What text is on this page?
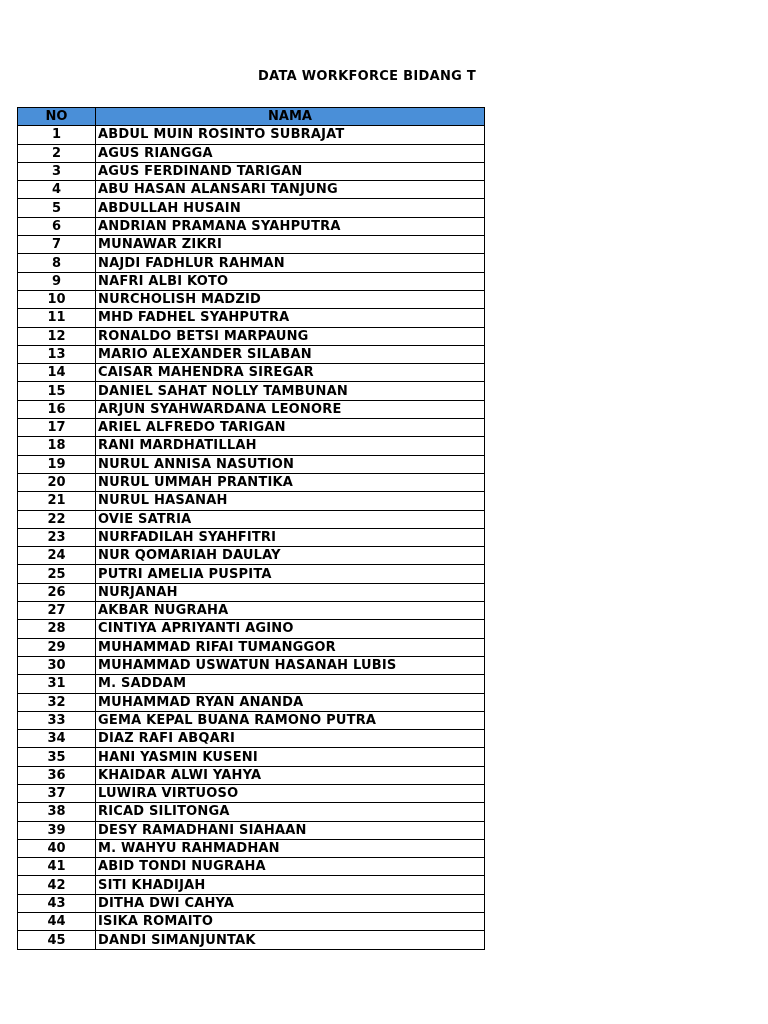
DATA WORKFORCE BIDANG T
NO	NAMA
1	ABDUL MUIN ROSINTO SUBRAJAT
2	AGUS RIANGGA
3	AGUS FERDINAND TARIGAN
4	ABU HASAN ALANSARI TANJUNG
5	ABDULLAH HUSAIN
6	ANDRIAN PRAMANA SYAHPUTRA
7	MUNAWAR ZIKRI
8	NAJDI FADHLUR RAHMAN
9	NAFRI ALBI KOTO
10	NURCHOLISH MADZID
11	MHD FADHEL SYAHPUTRA
12	RONALDO BETSI MARPAUNG
13	MARIO ALEXANDER SILABAN
14	CAISAR MAHENDRA SIREGAR
15	DANIEL SAHAT NOLLY TAMBUNAN
16	ARJUN SYAHWARDANA LEONORE
17	ARIEL ALFREDO TARIGAN
18	RANI MARDHATILLAH
19	NURUL ANNISA NASUTION
20	NURUL UMMAH PRANTIKA
21	NURUL HASANAH
22	OVIE SATRIA
23	NURFADILAH SYAHFITRI
24	NUR QOMARIAH DAULAY
25	PUTRI AMELIA PUSPITA
26	NURJANAH
27	AKBAR NUGRAHA
28	CINTIYA APRIYANTI AGINO
29	MUHAMMAD RIFAI TUMANGGOR
30	MUHAMMAD USWATUN HASANAH LUBIS
31	M. SADDAM
32	MUHAMMAD RYAN ANANDA
33	GEMA KEPAL BUANA RAMONO PUTRA
34	DIAZ RAFI ABQARI
35	HANI YASMIN KUSENI
36	KHAIDAR ALWI YAHYA
37	LUWIRA VIRTUOSO
38	RICAD SILITONGA
39	DESY RAMADHANI SIAHAAN
40	M. WAHYU RAHMADHAN
41	ABID TONDI NUGRAHA
42	SITI KHADIJAH
43	DITHA DWI CAHYA
44	ISIKA ROMAITO
45	DANDI SIMANJUNTAK
